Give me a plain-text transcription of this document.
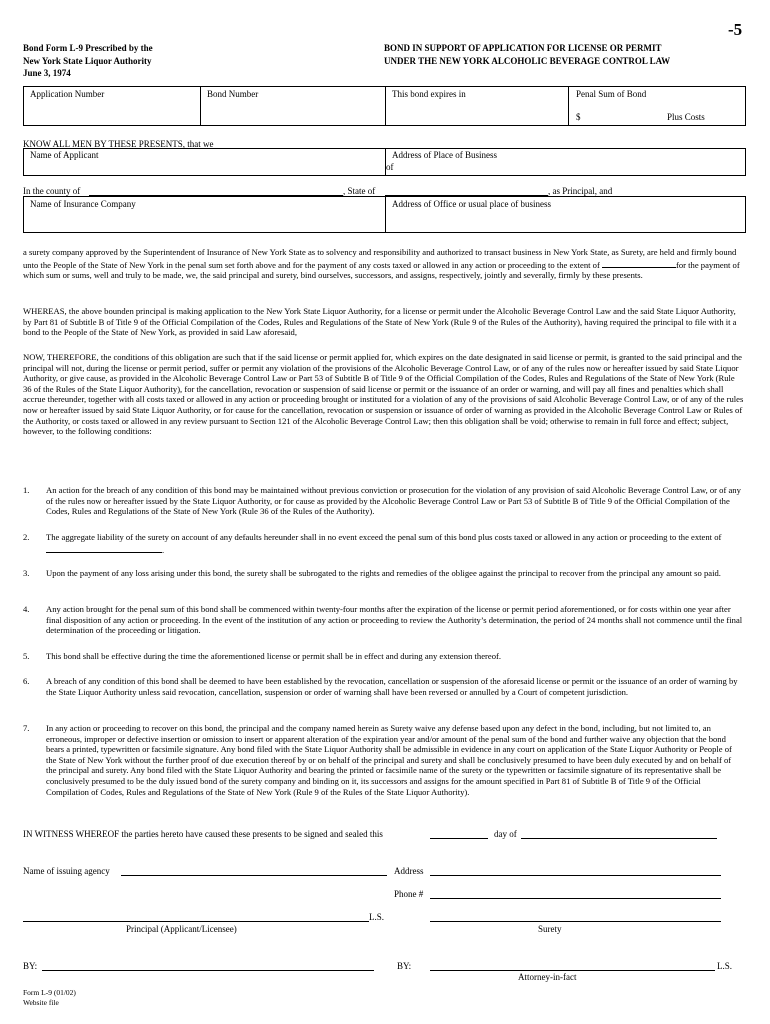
-5
Bond Form L-9 Prescribed by the
New York State Liquor Authority
June 3, 1974
BOND IN SUPPORT OF APPLICATION FOR LICENSE OR PERMIT
UNDER THE NEW YORK ALCOHOLIC BEVERAGE CONTROL LAW
Application Number	Bond Number	This bond expires in	Penal Sum of Bond
$	Plus Costs
KNOW ALL MEN BY THESE PRESENTS, that we
Name of Applicant	Address of Place of Business
of
In the county of	, State of	, as Principal, and
Name of Insurance Company	Address of Office or usual place of business
a surety company approved by the Superintendent of Insurance of New York State as to solvency and responsibility and authorized to transact business in New York State, as Surety, are held and firmly bound unto the People of the State of New York in the penal sum set forth above and for the payment of any costs taxed or allowed in any action or proceeding to the extent of	for the payment of which sum or sums, well and truly to be made, we, the said principal and surety, bind ourselves, successors, and assigns, respectively, jointly and severally, firmly by these presents.
WHEREAS, the above bounden principal is making application to the New York State Liquor Authority, for a license or permit under the Alcoholic Beverage Control Law and the said State Liquor Authority, by Part 81 of Subtitle B of Title 9 of the Official Compilation of the Codes, Rules and Regulations of the State of New York (Rule 9 of the Rules of the Authority), having required the principal to file with it a bond to the People of the State of New York, as provided in said Law aforesaid,
NOW, THEREFORE, the conditions of this obligation are such that if the said license or permit applied for, which expires on the date designated in said license or permit, is granted to the said principal and the principal will not, during the license or permit period, suffer or permit any violation of the provisions of the Alcoholic Beverage Control Law, or of any of the rules now or hereafter issued by said State Liquor Authority, or give cause, as provided in the Alcoholic Beverage Control Law or Part 53 of Subtitle B of Title 9 of the Official Compilation of the Codes, Rules and Regulations of the State of New York (Rule 36 of the Rules of the State Liquor Authority), for the cancellation, revocation or suspension of said license or permit or the issuance of an order or warning, and will pay all fines and penalties which shall accrue thereunder, together with all costs taxed or allowed in any action or proceeding brought or instituted for a violation of any of the provisions of said Alcoholic Beverage Control Law, or of any of the rules now or hereafter issued by said State Liquor Authority, or for cause for the cancellation, revocation or suspension or issuance of order of warning as provided in the Alcoholic Beverage Control Law or Rules of the Authority, or costs taxed or allowed in any review pursuant to Section 121 of the Alcoholic Beverage Control Law; then this obligation shall be void; otherwise to remain in full force and effect; subject, however, to the following conditions:
1. An action for the breach of any condition of this bond may be maintained without previous conviction or prosecution for the violation of any provision of said Alcoholic Beverage Control Law, or of any of the rules now or hereafter issued by the State Liquor Authority, or for cause as provided by the Alcoholic Beverage Control Law or Part 53 of Subtitle B of Title 9 of the Official Compilation of the Codes, Rules and Regulations of the State of New York (Rule 36 of the Rules of the Authority).
2. The aggregate liability of the surety on account of any defaults hereunder shall in no event exceed the penal sum of this bond plus costs taxed or allowed in any action or proceeding to the extent of .
3. Upon the payment of any loss arising under this bond, the surety shall be subrogated to the rights and remedies of the obligee against the principal to recover from the principal any amount so paid.
4. Any action brought for the penal sum of this bond shall be commenced within twenty-four months after the expiration of the license or permit period aforementioned, or for costs within one year after final disposition of any action or proceeding. In the event of the institution of any action or proceeding to review the Authority’s determination, the period of 24 months shall not commence until the final determination of the proceeding or litigation.
5. This bond shall be effective during the time the aforementioned license or permit shall be in effect and during any extension thereof.
6. A breach of any condition of this bond shall be deemed to have been established by the revocation, cancellation or suspension of the aforesaid license or permit or the issuance of an order of warning by the State Liquor Authority unless said revocation, cancellation, suspension or order of warning shall have been reversed or annulled by a Court of competent jurisdiction.
7. In any action or proceeding to recover on this bond, the principal and the company named herein as Surety waive any defense based upon any defect in the bond, including, but not limited to, an erroneous, improper or defective insertion or omission to insert or apparent alteration of the expiration year and/or amount of the penal sum of the bond and further waive any objection that the bond bears a printed, typewritten or facsimile signature. Any bond filed with the State Liquor Authority shall be admissible in evidence in any court on application of the State Liquor Authority or People of the State of New York without the further proof of due execution thereof by or on behalf of the principal and surety and shall be conclusively presumed to have been duly executed by and on behalf of the principal and surety. Any bond filed with the State Liquor Authority and bearing the printed or facsimile name of the surety or the typewritten or facsimile signature of its representative shall be conclusively presumed to be the duly issued bond of the surety company and binding on it, its successors and assigns for the amount specified in Part 81 of Subtitle B of Title 9 of the Official Compilation of Codes, Rules and Regulations of the State of New York (Rule 9 of the Rules of the State Liquor Authority).
IN WITNESS WHEREOF the parties hereto have caused these presents to be signed and sealed this	day of
Name of issuing agency	Address
Phone #
L.S.
Principal (Applicant/Licensee)	Surety
BY:	BY:	L.S.
Attorney-in-fact
Form L-9 (01/02)
Website file
